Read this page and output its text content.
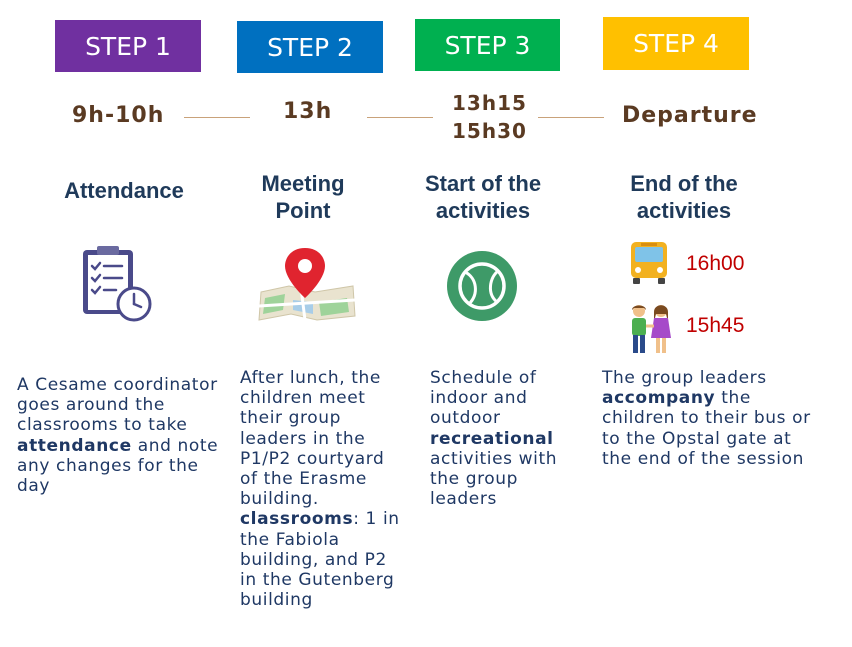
STEP 1	STEP 2	STEP 3	STEP 4
9h-10h	13h	13h15
15h30
Departure
Attendance	Meeting
Point
Start of the
activities
End of the
activities
16h00
15h45
A Cesame coordinator goes around the classrooms to take attendance and note any changes for the day
After lunch, the children meet their group leaders in the P1/P2 courtyard of the Erasme building. classrooms: 1 in the Fabiola building, and P2 in the Gutenberg building
Schedule of indoor and outdoor recreational activities with the group leaders
The group leaders accompany the children to their bus or to the Opstal gate at the end of the session
